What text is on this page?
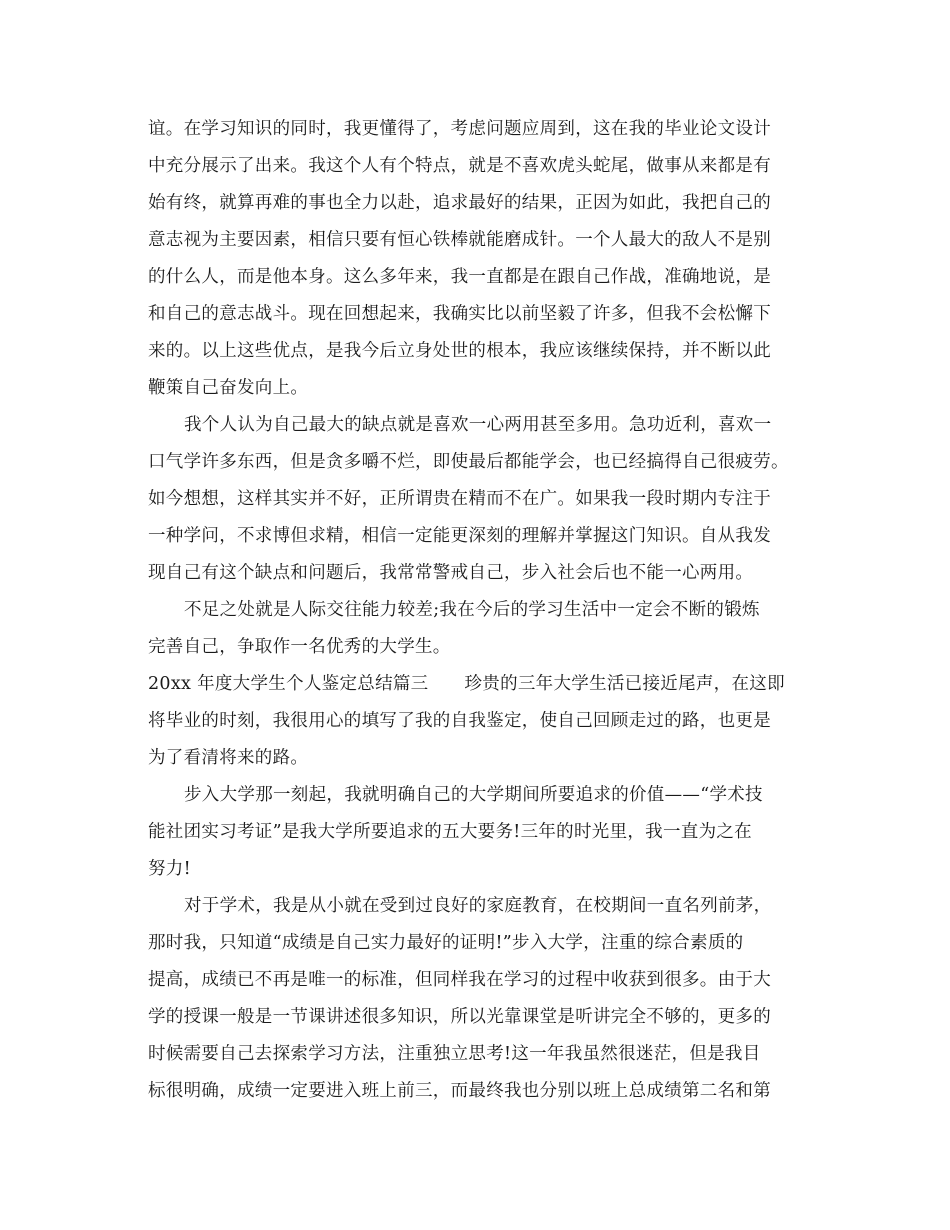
谊。在学习知识的同时，我更懂得了，考虑问题应周到，这在我的毕业论文设计
中充分展示了出来。我这个人有个特点，就是不喜欢虎头蛇尾，做事从来都是有
始有终，就算再难的事也全力以赴，追求最好的结果，正因为如此，我把自己的
意志视为主要因素，相信只要有恒心铁棒就能磨成针。一个人最大的敌人不是别
的什么人，而是他本身。这么多年来，我一直都是在跟自己作战，准确地说，是
和自己的意志战斗。现在回想起来，我确实比以前坚毅了许多，但我不会松懈下
来的。以上这些优点，是我今后立身处世的根本，我应该继续保持，并不断以此
鞭策自己奋发向上。
我个人认为自己最大的缺点就是喜欢一心两用甚至多用。急功近利，喜欢一
口气学许多东西，但是贪多嚼不烂，即使最后都能学会，也已经搞得自己很疲劳。
如今想想，这样其实并不好，正所谓贵在精而不在广。如果我一段时期内专注于
一种学问，不求博但求精，相信一定能更深刻的理解并掌握这门知识。自从我发
现自己有这个缺点和问题后，我常常警戒自己，步入社会后也不能一心两用。
不足之处就是人际交往能力较差;我在今后的学习生活中一定会不断的锻炼
完善自己，争取作一名优秀的大学生。
20xx 年度大学生个人鉴定总结篇三 珍贵的三年大学生活已接近尾声，在这即
将毕业的时刻，我很用心的填写了我的自我鉴定，使自己回顾走过的路，也更是
为了看清将来的路。
步入大学那一刻起，我就明确自己的大学期间所要追求的价值——“学术技
能社团实习考证”是我大学所要追求的五大要务!三年的时光里，我一直为之在
努力!
对于学术，我是从小就在受到过良好的家庭教育，在校期间一直名列前茅，
那时我，只知道“成绩是自己实力最好的证明!”步入大学，注重的综合素质的
提高，成绩已不再是唯一的标准，但同样我在学习的过程中收获到很多。由于大
学的授课一般是一节课讲述很多知识，所以光靠课堂是听讲完全不够的，更多的
时候需要自己去探索学习方法，注重独立思考!这一年我虽然很迷茫，但是我目
标很明确，成绩一定要进入班上前三，而最终我也分别以班上总成绩第二名和第
